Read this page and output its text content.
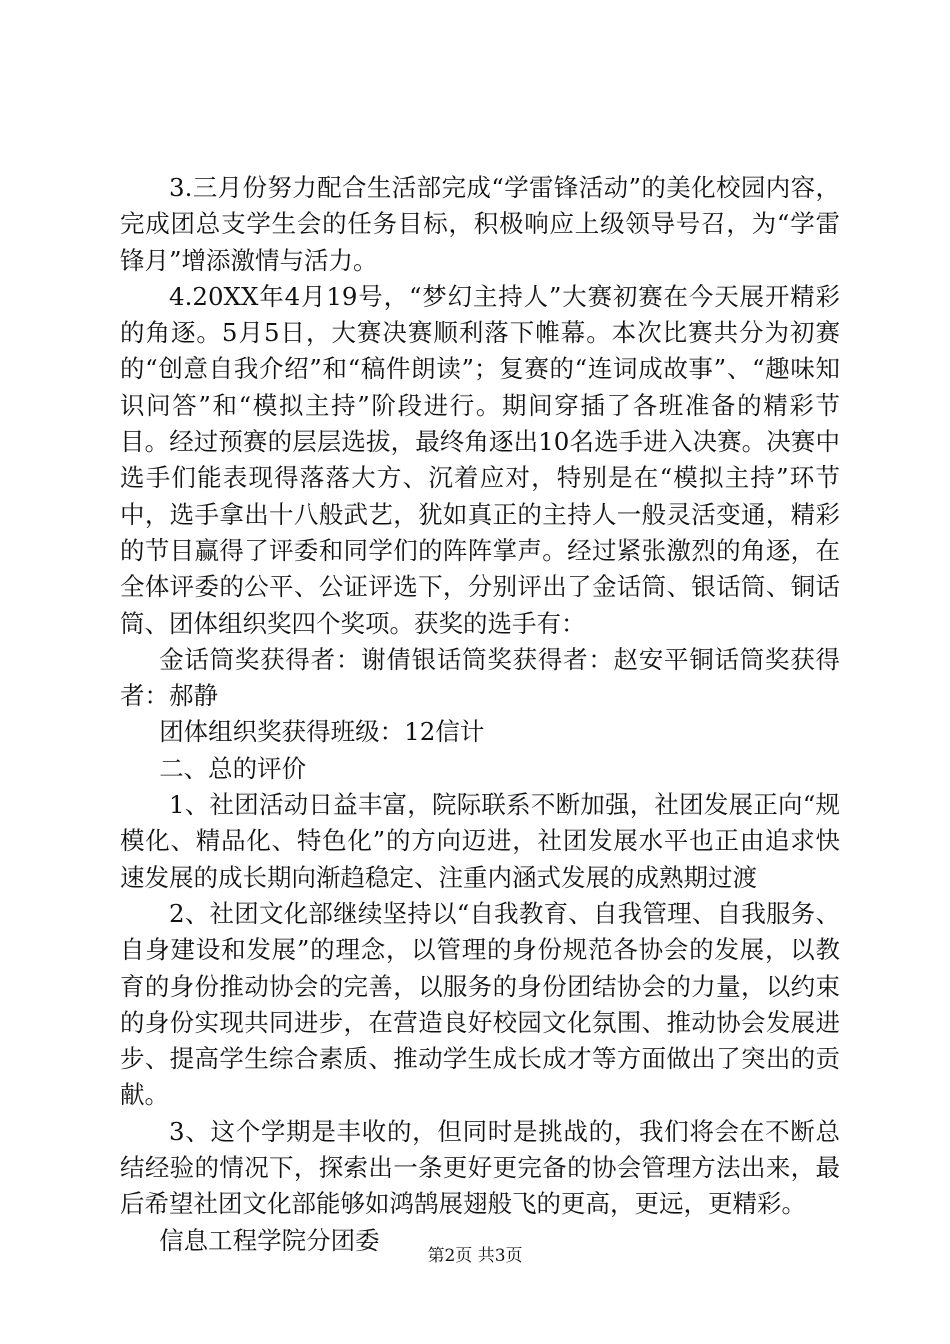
3.三月份努力配合生活部完成“学雷锋活动”的美化校园内容，完成团总支学生会的任务目标，积极响应上级领导号召，为“学雷锋月”增添激情与活力。

4.20XX年4月19号，“梦幻主持人”大赛初赛在今天展开精彩的角逐。5月5日，大赛决赛顺利落下帷幕。本次比赛共分为初赛的“创意自我介绍”和“稿件朗读”；复赛的“连词成故事”、“趣味知识问答”和“模拟主持”阶段进行。期间穿插了各班准备的精彩节目。经过预赛的层层选拔，最终角逐出10名选手进入决赛。决赛中选手们能表现得落落大方、沉着应对，特别是在“模拟主持”环节中，选手拿出十八般武艺，犹如真正的主持人一般灵活变通，精彩的节目赢得了评委和同学们的阵阵掌声。经过紧张激烈的角逐，在全体评委的公平、公证评选下，分别评出了金话筒、银话筒、铜话筒、团体组织奖四个奖项。获奖的选手有：

金话筒奖获得者：谢倩银话筒奖获得者：赵安平铜话筒奖获得者：郝静

团体组织奖获得班级：12信计

二、总的评价

1、社团活动日益丰富，院际联系不断加强，社团发展正向“规模化、精品化、特色化”的方向迈进，社团发展水平也正由追求快速发展的成长期向渐趋稳定、注重内涵式发展的成熟期过渡

2、社团文化部继续坚持以“自我教育、自我管理、自我服务、自身建设和发展”的理念，以管理的身份规范各协会的发展，以教育的身份推动协会的完善，以服务的身份团结协会的力量，以约束的身份实现共同进步，在营造良好校园文化氛围、推动协会发展进步、提高学生综合素质、推动学生成长成才等方面做出了突出的贡献。

3、这个学期是丰收的，但同时是挑战的，我们将会在不断总结经验的情况下，探索出一条更好更完备的协会管理方法出来，最后希望社团文化部能够如鸿鹄展翅般飞的更高，更远，更精彩。

信息工程学院分团委

第2页 共3页
